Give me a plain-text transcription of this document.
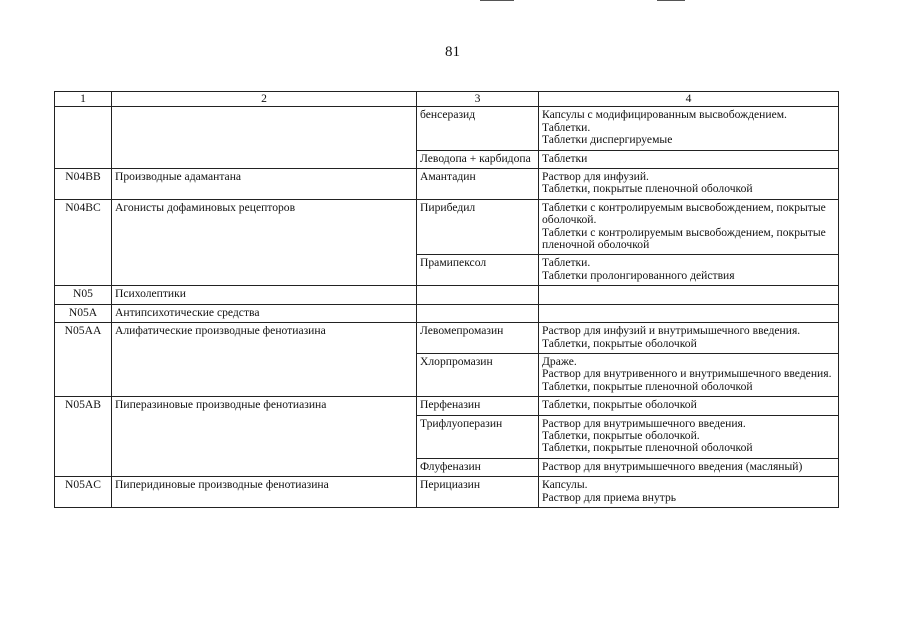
81
1	2	3	4
		бенсеразид	Капсулы с модифицированным высвобождением.
Таблетки.
Таблетки диспергируемые

		Леводопа + карбидопа	Таблетки

N04BB	Производные адамантана	Амантадин	Раствор для инфузий.
Таблетки, покрытые пленочной оболочкой

N04BC	Агонисты дофаминовых рецепторов	Пирибедил	Таблетки с контролируемым высвобождением, покрытые оболочкой.
Таблетки с контролируемым высвобождением, покрытые пленочной оболочкой

		Прамипексол	Таблетки.
Таблетки пролонгированного действия

N05	Психолептики		
N05A	Антипсихотические средства		
N05AA	Алифатические производные фенотиазина	Левомепромазин	Раствор для инфузий и внутримышечного введения.
Таблетки, покрытые оболочкой

		Хлорпромазин	Драже.
Раствор для внутривенного и внутримышечного введения.
Таблетки, покрытые пленочной оболочкой

N05AB	Пиперазиновые производные фенотиазина	Перфеназин	Таблетки, покрытые оболочкой

		Трифлуоперазин	Раствор для внутримышечного введения.
Таблетки, покрытые оболочкой.
Таблетки, покрытые пленочной оболочкой

		Флуфеназин	Раствор для внутримышечного введения (масляный)

N05AC	Пиперидиновые производные фенотиазина	Перициазин	Капсулы.
Раствор для приема внутрь
